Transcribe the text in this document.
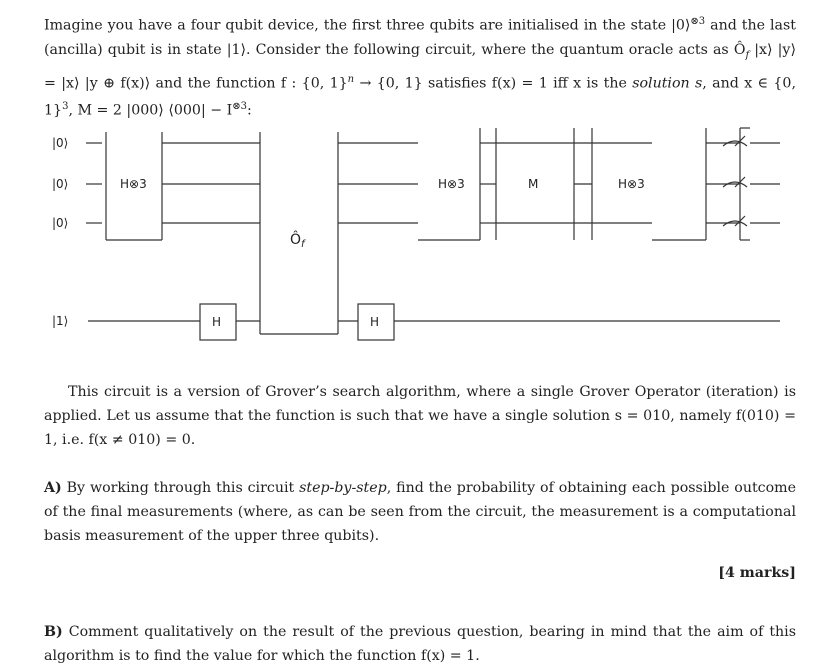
Imagine you have a four qubit device, the first three qubits are initialised in the state |0⟩$^{\otimes 3}$ and the last (ancilla) qubit is in state |1⟩. Consider the following circuit, where the quantum oracle acts as $Ô_f$ |x⟩ |y⟩ = |x⟩ |y ⊕ f(x)⟩ and the function f : {0, 1}$^n$ → {0, 1} satisfies f(x) = 1 iff x is the solution s, and x ∈ {0, 1}$^3$, M = 2 |000⟩ ⟨000| − $I^{\otimes 3}$:
|0⟩
|0⟩
|0⟩
|1⟩
H⊗3	H⊗3	M	H⊗3
H	H
$Ô_f$
This circuit is a version of Grover’s search algorithm, where a single Grover Operator (iteration) is applied. Let us assume that the function is such that we have a single solution s = 010, namely f(010) = 1, i.e. f(x ≠ 010) = 0.
A) By working through this circuit step-by-step, find the probability of obtaining each possible outcome of the final measurements (where, as can be seen from the circuit, the measurement is a computational basis measurement of the upper three qubits).
[4 marks]
B) Comment qualitatively on the result of the previous question, bearing in mind that the aim of this algorithm is to find the value for which the function f(x) = 1.
